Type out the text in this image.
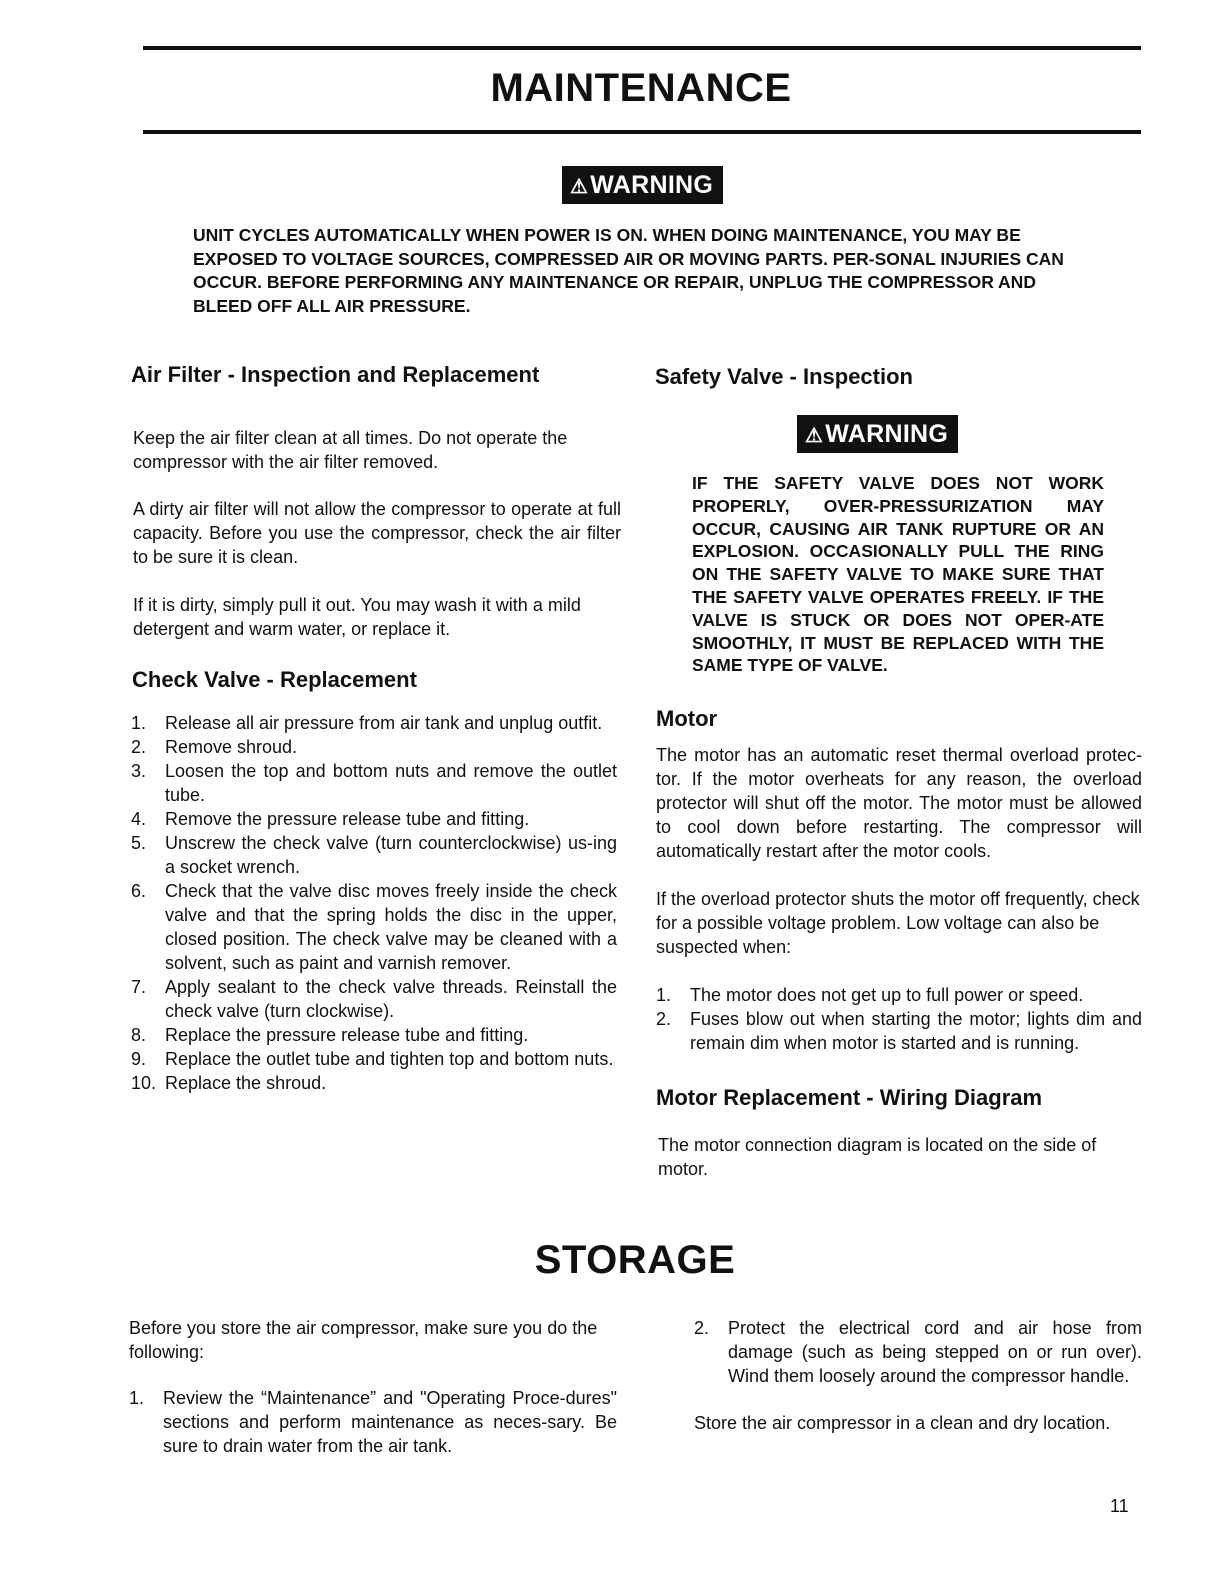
MAINTENANCE
⚠WARNING
UNIT CYCLES AUTOMATICALLY WHEN POWER IS ON. WHEN DOING MAINTENANCE, YOU MAY BE EXPOSED TO VOLTAGE SOURCES, COMPRESSED AIR OR MOVING PARTS. PER-SONAL INJURIES CAN OCCUR. BEFORE PERFORMING ANY MAINTENANCE OR REPAIR, UNPLUG THE COMPRESSOR AND BLEED OFF ALL AIR PRESSURE.
Air Filter - Inspection and Replacement

Keep the air filter clean at all times. Do not operate the compressor with the air filter removed.

A dirty air filter will not allow the compressor to operate at full capacity. Before you use the compressor, check the air filter to be sure it is clean.

If it is dirty, simply pull it out. You may wash it with a mild detergent and warm water, or replace it.

Check Valve - Replacement
1. Release all air pressure from air tank and unplug outfit.
2. Remove shroud.
3. Loosen the top and bottom nuts and remove the outlet tube.
4. Remove the pressure release tube and fitting.
5. Unscrew the check valve (turn counterclockwise) us-ing a socket wrench.
6. Check that the valve disc moves freely inside the check valve and that the spring holds the disc in the upper, closed position. The check valve may be cleaned with a solvent, such as paint and varnish remover.
7. Apply sealant to the check valve threads. Reinstall the check valve (turn clockwise).
8. Replace the pressure release tube and fitting.
9. Replace the outlet tube and tighten top and bottom nuts.
10. Replace the shroud.
Safety Valve - Inspection
⚠WARNING
IF THE SAFETY VALVE DOES NOT WORK PROPERLY, OVER-PRESSURIZATION MAY OCCUR, CAUSING AIR TANK RUPTURE OR AN EXPLOSION. OCCASIONALLY PULL THE RING ON THE SAFETY VALVE TO MAKE SURE THAT THE SAFETY VALVE OPERATES FREELY. IF THE VALVE IS STUCK OR DOES NOT OPER-ATE SMOOTHLY, IT MUST BE REPLACED WITH THE SAME TYPE OF VALVE.
Motor

The motor has an automatic reset thermal overload protec-tor. If the motor overheats for any reason, the overload protector will shut off the motor. The motor must be allowed to cool down before restarting. The compressor will automatically restart after the motor cools.

If the overload protector shuts the motor off frequently, check for a possible voltage problem. Low voltage can also be suspected when:

1. The motor does not get up to full power or speed.
2. Fuses blow out when starting the motor; lights dim and remain dim when motor is started and is running.
Motor Replacement - Wiring Diagram

The motor connection diagram is located on the side of motor.

STORAGE

Before you store the air compressor, make sure you do the following:

1. Review the “Maintenance” and "Operating Proce-dures" sections and perform maintenance as neces-sary. Be sure to drain water from the air tank.
2. Protect the electrical cord and air hose from damage (such as being stepped on or run over). Wind them loosely around the compressor handle.

Store the air compressor in a clean and dry location.

11
